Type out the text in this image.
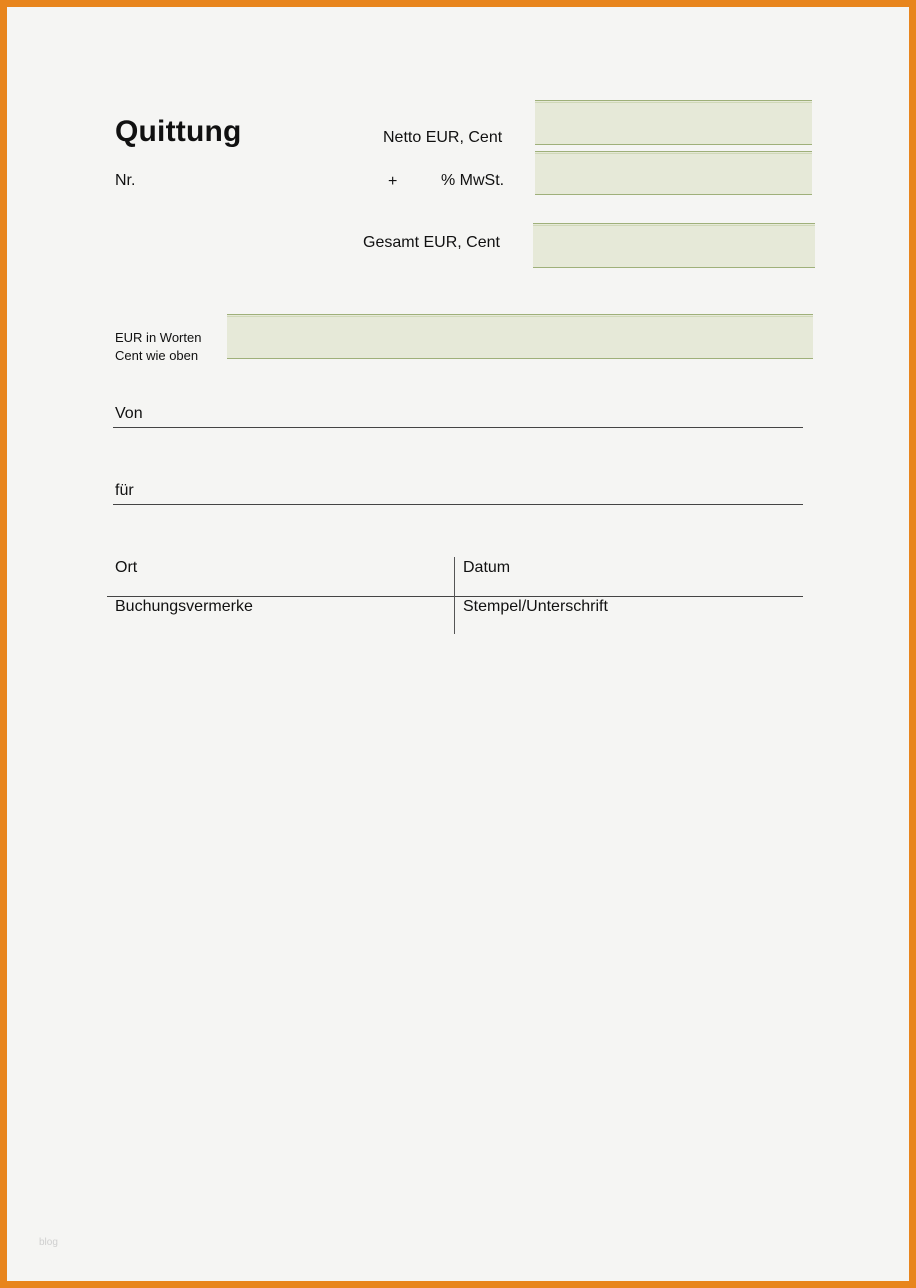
Quittung
Nr.
Netto EUR, Cent
+	% MwSt.
Gesamt EUR, Cent
EUR in Worten
Cent wie oben
Von
für
Ort	Datum
Buchungsvermerke	Stempel/Unterschrift
blog
